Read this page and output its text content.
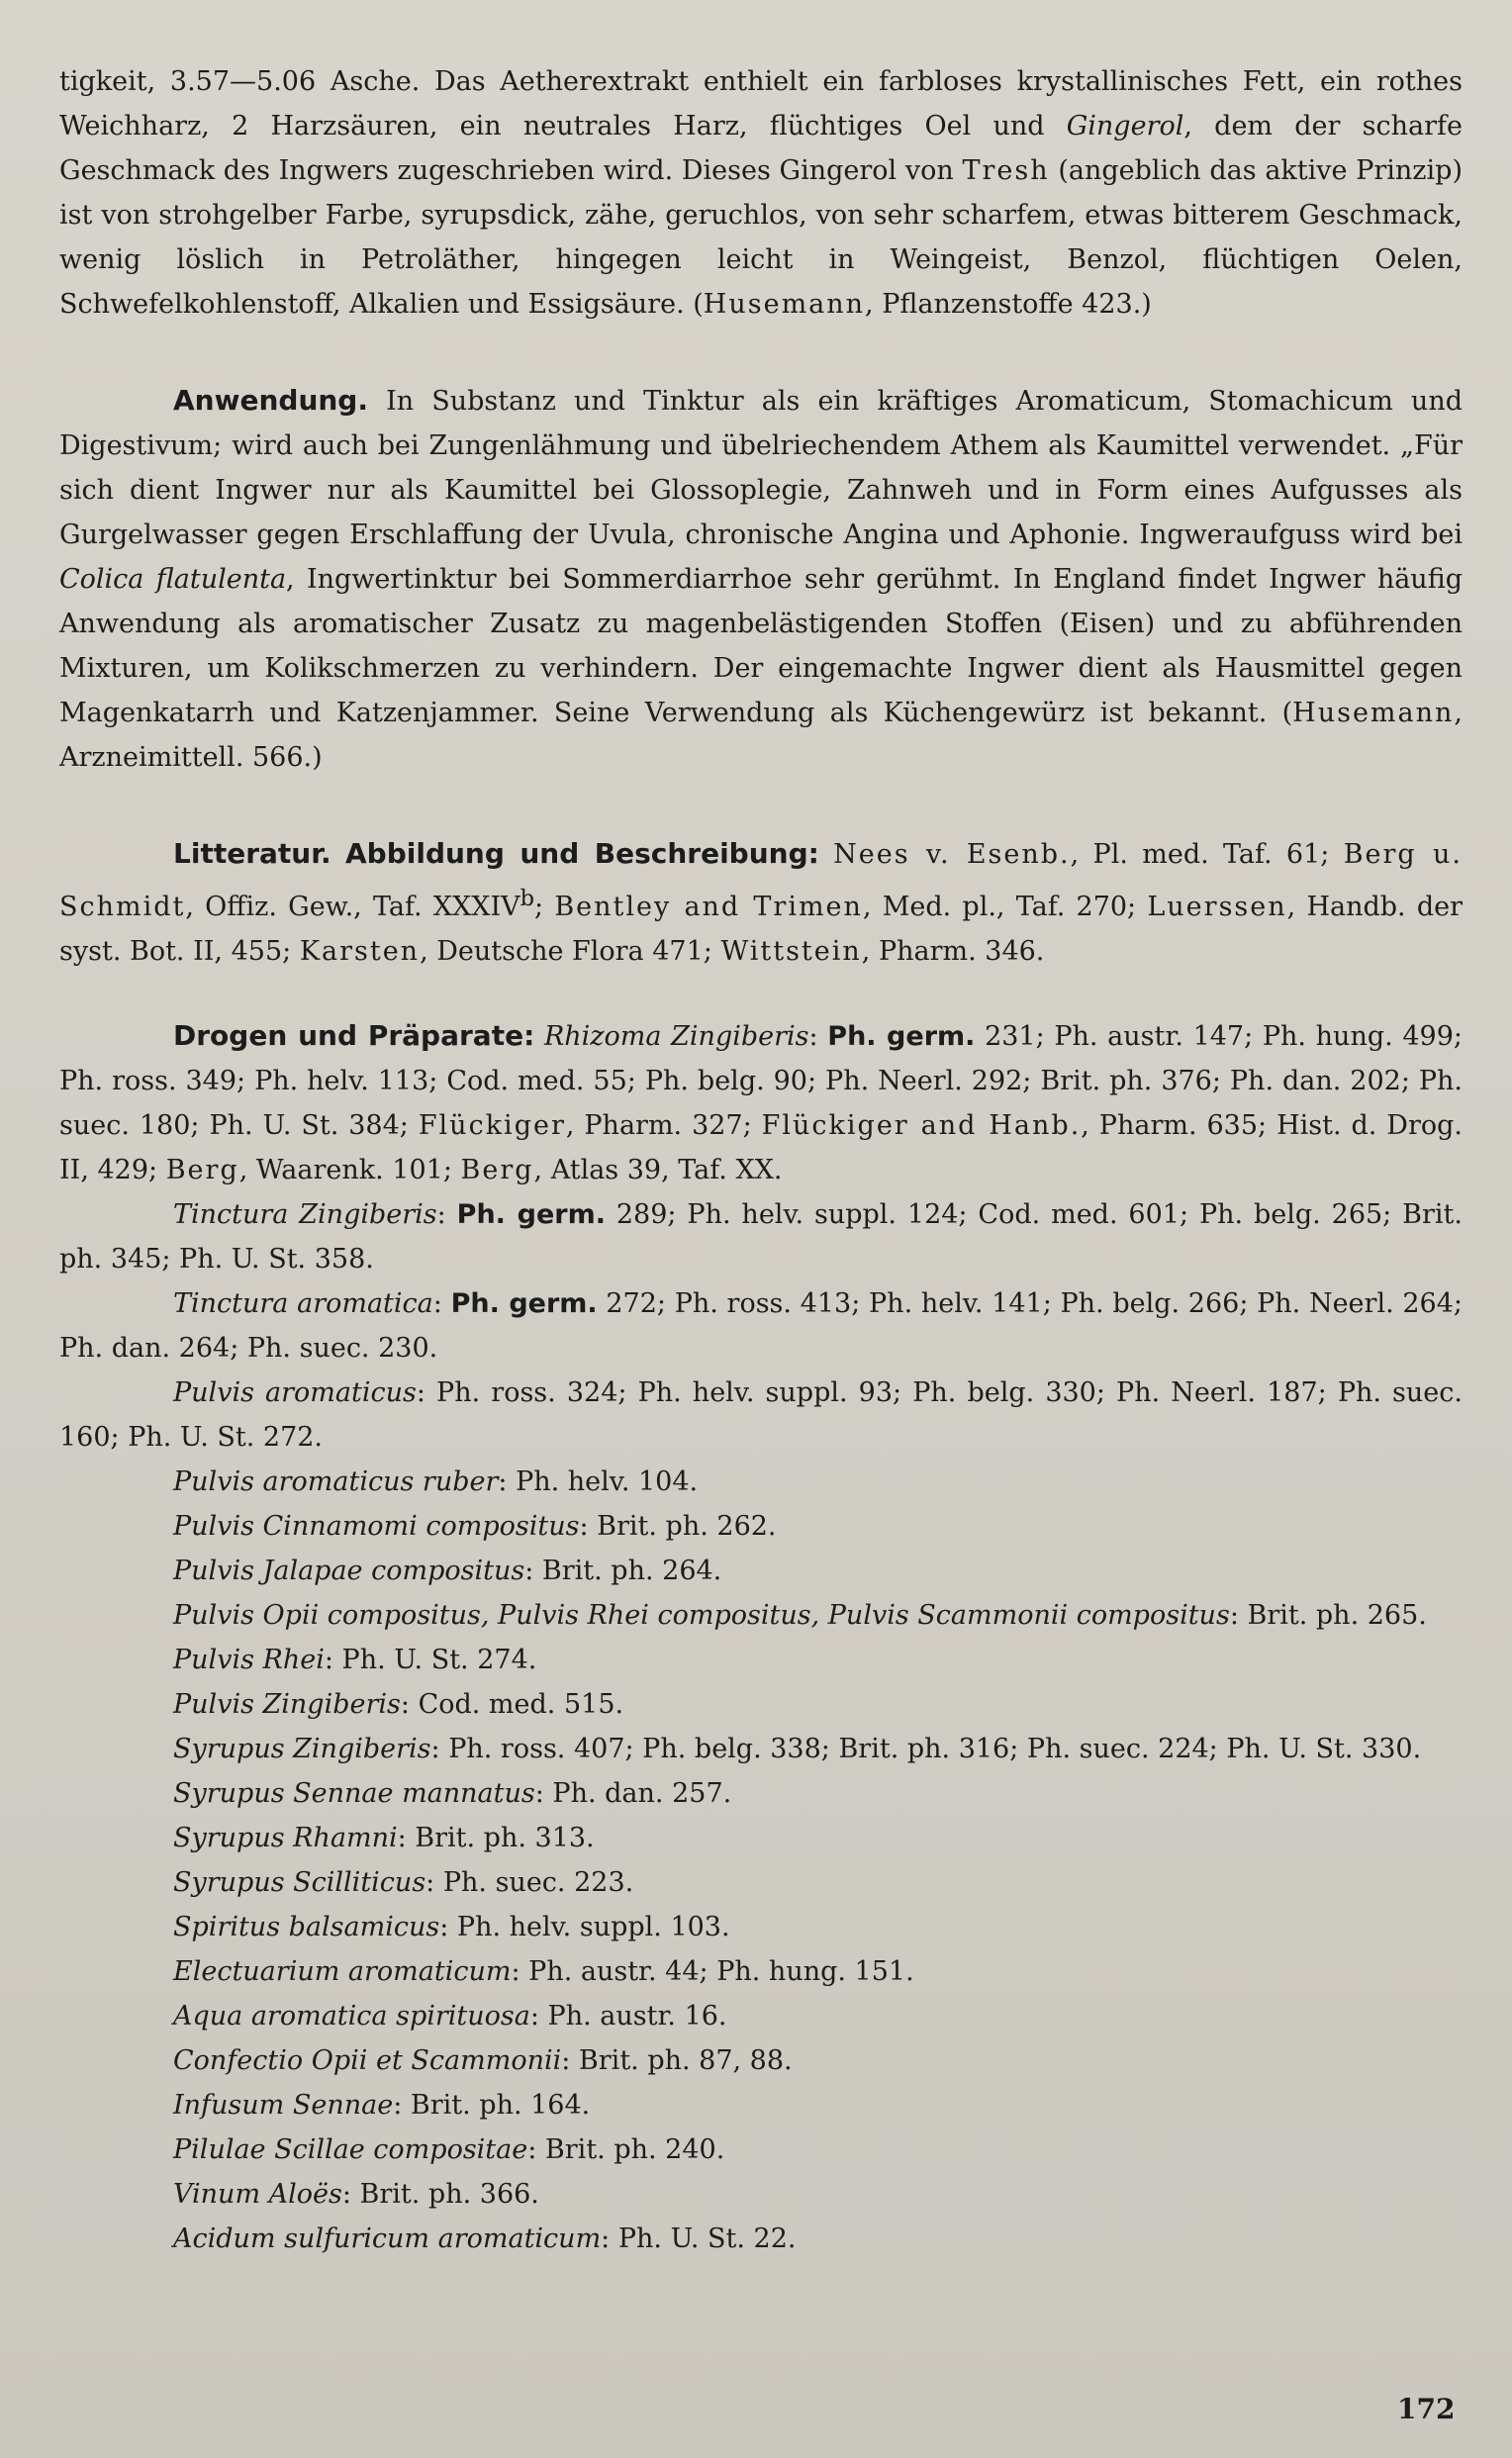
tigkeit, 3.57—5.06 Asche. Das Aetherextrakt enthielt ein farbloses krystallinisches Fett, ein rothes Weichharz, 2 Harzsäuren, ein neutrales Harz, flüchtiges Oel und Gingerol, dem der scharfe Geschmack des Ingwers zugeschrieben wird. Dieses Gingerol von Tresh (angeblich das aktive Prinzip) ist von strohgelber Farbe, syrupsdick, zähe, geruchlos, von sehr scharfem, etwas bitterem Geschmack, wenig löslich in Petroläther, hingegen leicht in Weingeist, Benzol, flüchtigen Oelen, Schwefelkohlenstoff, Alkalien und Essigsäure. (Husemann, Pflanzenstoffe 423.)

Anwendung. In Substanz und Tinktur als ein kräftiges Aromaticum, Stomachicum und Digestivum; wird auch bei Zungenlähmung und übelriechendem Athem als Kaumittel verwendet. „Für sich dient Ingwer nur als Kaumittel bei Glossoplegie, Zahnweh und in Form eines Aufgusses als Gurgelwasser gegen Erschlaffung der Uvula, chronische Angina und Aphonie. Ingweraufguss wird bei Colica flatulenta, Ingwertinktur bei Sommerdiarrhoe sehr gerühmt. In England findet Ingwer häufig Anwendung als aromatischer Zusatz zu magenbelästigenden Stoffen (Eisen) und zu abführenden Mixturen, um Kolikschmerzen zu verhindern. Der eingemachte Ingwer dient als Hausmittel gegen Magenkatarrh und Katzenjammer. Seine Verwendung als Küchengewürz ist bekannt. (Husemann, Arzneimittell. 566.)

Litteratur. Abbildung und Beschreibung: Nees v. Esenb., Pl. med. Taf. 61; Berg u. Schmidt, Offiz. Gew., Taf. XXXIV$^b$; Bentley and Trimen, Med. pl., Taf. 270; Luerssen, Handb. der syst. Bot. II, 455; Karsten, Deutsche Flora 471; Wittstein, Pharm. 346.

Drogen und Präparate: Rhizoma Zingiberis: Ph. germ. 231; Ph. austr. 147; Ph. hung. 499; Ph. ross. 349; Ph. helv. 113; Cod. med. 55; Ph. belg. 90; Ph. Neerl. 292; Brit. ph. 376; Ph. dan. 202; Ph. suec. 180; Ph. U. St. 384; Flückiger, Pharm. 327; Flückiger and Hanb., Pharm. 635; Hist. d. Drog. II, 429; Berg, Waarenk. 101; Berg, Atlas 39, Taf. XX.

Tinctura Zingiberis: Ph. germ. 289; Ph. helv. suppl. 124; Cod. med. 601; Ph. belg. 265; Brit. ph. 345; Ph. U. St. 358.

Tinctura aromatica: Ph. germ. 272; Ph. ross. 413; Ph. helv. 141; Ph. belg. 266; Ph. Neerl. 264; Ph. dan. 264; Ph. suec. 230.

Pulvis aromaticus: Ph. ross. 324; Ph. helv. suppl. 93; Ph. belg. 330; Ph. Neerl. 187; Ph. suec. 160; Ph. U. St. 272.

Pulvis aromaticus ruber: Ph. helv. 104.

Pulvis Cinnamomi compositus: Brit. ph. 262.

Pulvis Jalapae compositus: Brit. ph. 264.

Pulvis Opii compositus, Pulvis Rhei compositus, Pulvis Scammonii compositus: Brit. ph. 265.

Pulvis Rhei: Ph. U. St. 274.

Pulvis Zingiberis: Cod. med. 515.

Syrupus Zingiberis: Ph. ross. 407; Ph. belg. 338; Brit. ph. 316; Ph. suec. 224; Ph. U. St. 330.

Syrupus Sennae mannatus: Ph. dan. 257.

Syrupus Rhamni: Brit. ph. 313.

Syrupus Scilliticus: Ph. suec. 223.

Spiritus balsamicus: Ph. helv. suppl. 103.

Electuarium aromaticum: Ph. austr. 44; Ph. hung. 151.

Aqua aromatica spirituosa: Ph. austr. 16.

Confectio Opii et Scammonii: Brit. ph. 87, 88.

Infusum Sennae: Brit. ph. 164.

Pilulae Scillae compositae: Brit. ph. 240.

Vinum Aloës: Brit. ph. 366.

Acidum sulfuricum aromaticum: Ph. U. St. 22.

172
